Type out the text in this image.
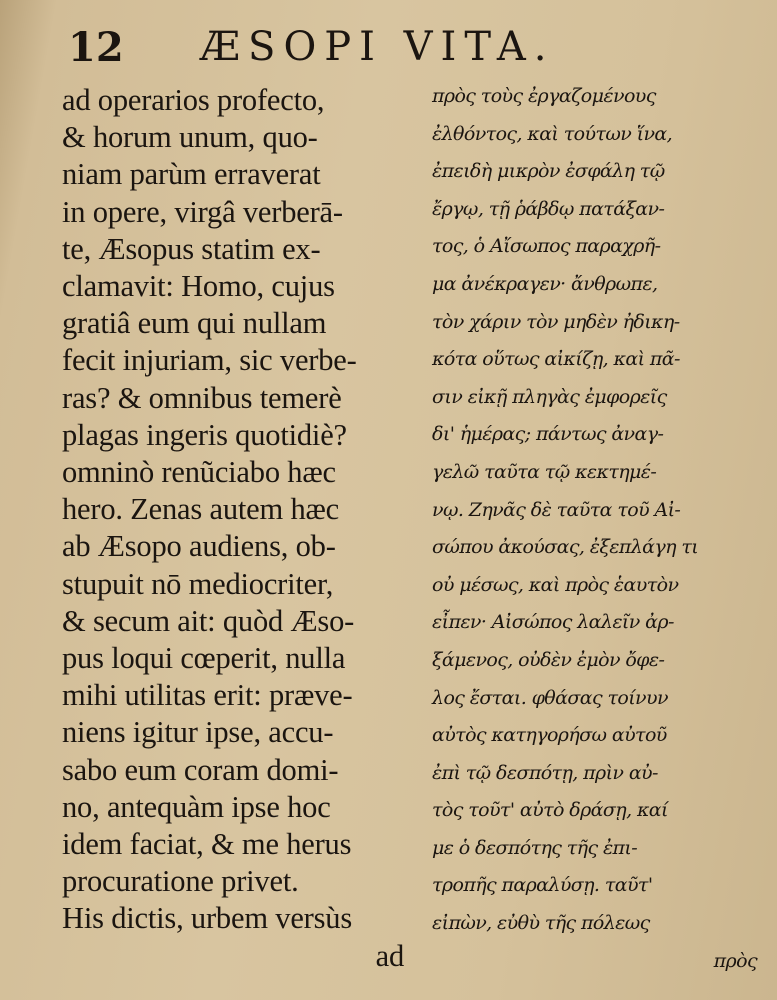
12 ÆSOPI VITA.
ad operarios profecto,
& horum unum, quo-
niam parùm erraverat
in opere, virgâ verberā-
te, Æsopus statim ex-
clamavit: Homo, cujus
gratiâ eum qui nullam
fecit injuriam, sic verbe-
ras? & omnibus temerè
plagas ingeris quotidiè?
omninò renũciabo hæc
hero. Zenas autem hæc
ab Æsopo audiens, ob-
stupuit nō mediocriter,
& secum ait: quòd Æso-
pus loqui cœperit, nulla
mihi utilitas erit: præve-
niens igitur ipse, accu-
sabo eum coram domi-
no, antequàm ipse hoc
idem faciat, & me herus
procuratione privet.
His dictis, urbem versùs
ad
πρὸς τοὺς ἐργαζομένους
ἐλθόντος, καὶ τούτων ἵνα,
ἐπειδὴ μικρὸν ἐσφάλη τῷ
ἔργῳ, τῇ ῥάβδῳ πατάξαν-
τος, ὁ Αἴσωπος παραχρῆ-
μα ἀνέκραγεν· ἄνθρωπε,
τὸν χάριν τὸν μηδὲν ἠδικη-
κότα οὕτως αἰκίζῃ, καὶ πᾶ-
σιν εἰκῇ πληγὰς ἐμφορεῖς
δι' ἡμέρας; πάντως ἀναγ-
γελῶ ταῦτα τῷ κεκτημέ-
νῳ. Ζηνᾶς δὲ ταῦτα τοῦ Αἰ-
σώπου ἀκούσας, ἐξεπλάγη τι
οὐ μέσως, καὶ πρὸς ἑαυτὸν
εἶπεν· Αἰσώπος λαλεῖν ἀρ-
ξάμενος, οὐδὲν ἐμὸν ὄφε-
λος ἔσται. φθάσας τοίνυν
αὐτὸς κατηγορήσω αὐτοῦ
ἐπὶ τῷ δεσπότῃ, πρὶν αὐ-
τὸς τοῦτ' αὐτὸ δράσῃ, καί
με ὁ δεσπότης τῆς ἐπι-
τροπῆς παραλύσῃ. ταῦτ'
εἰπὼν, εὐθὺ τῆς πόλεως
πρὸς
